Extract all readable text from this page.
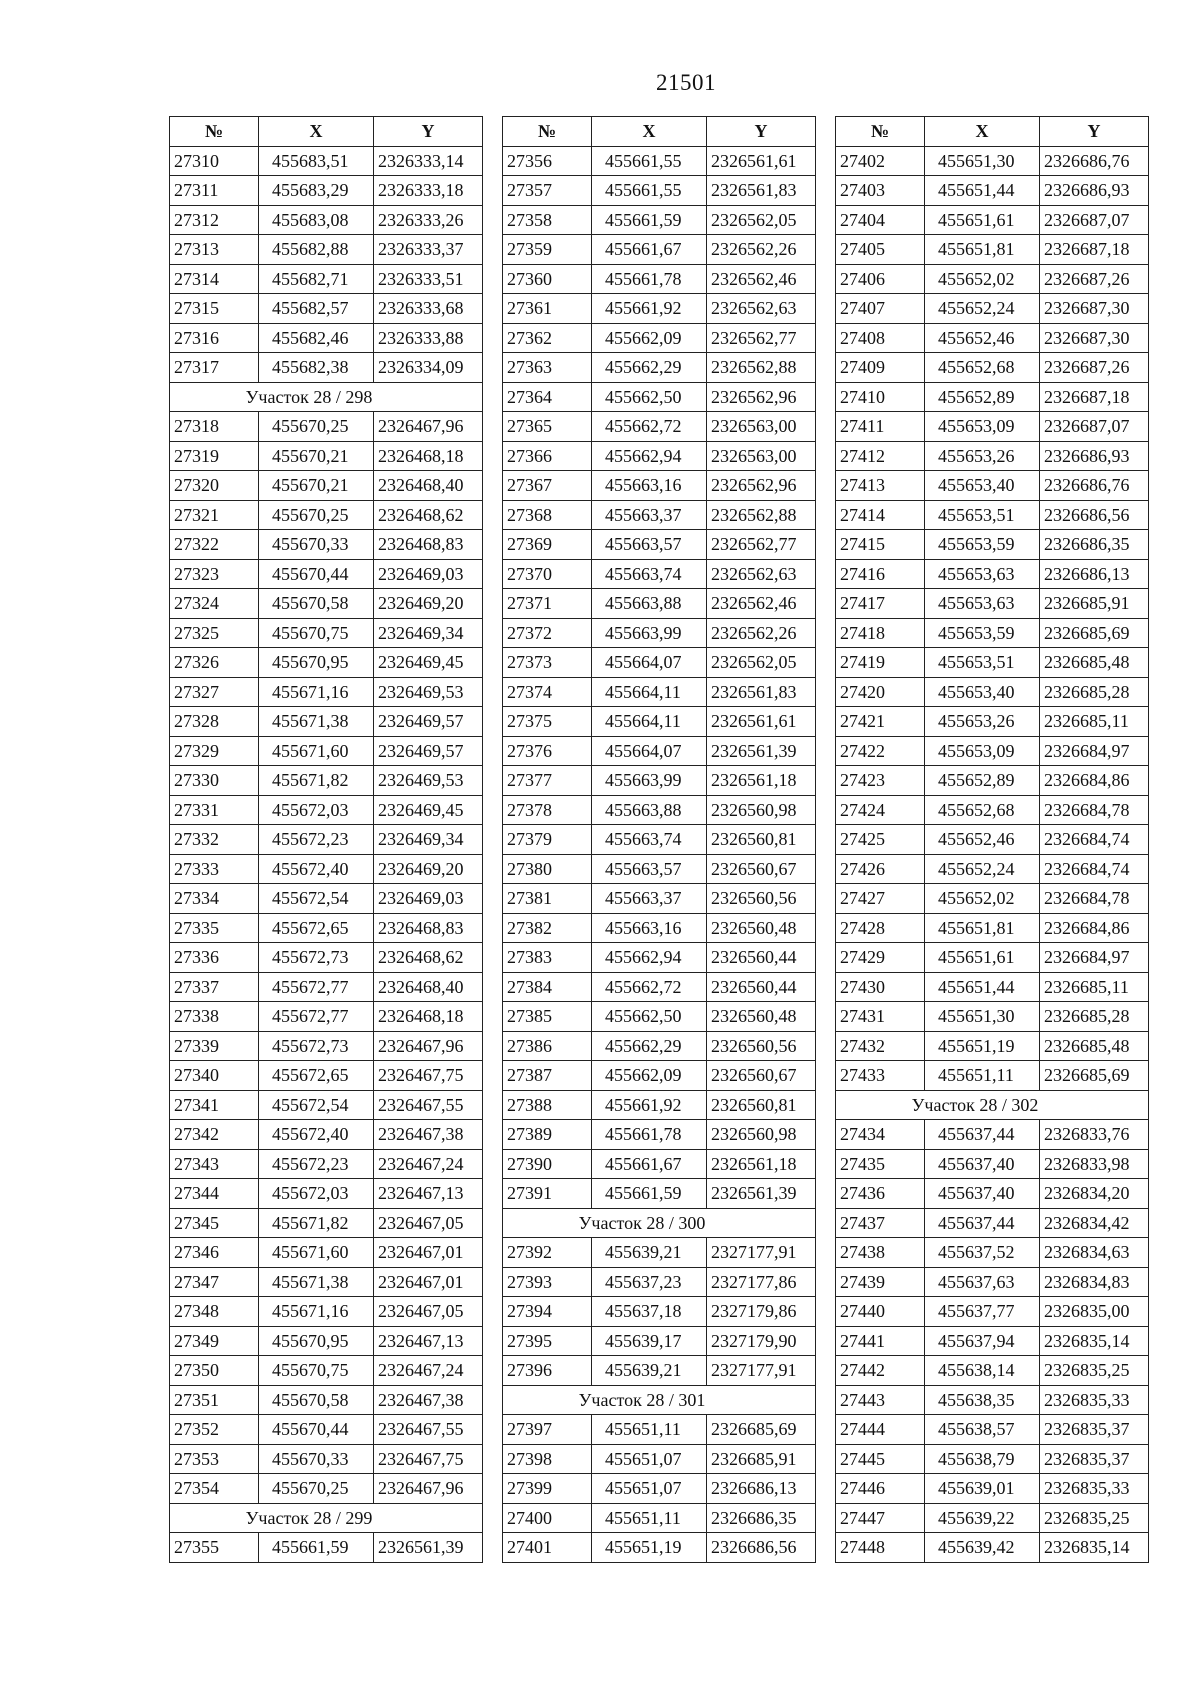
21501
№	X	Y
27310	455683,51	2326333,14
27311	455683,29	2326333,18
27312	455683,08	2326333,26
27313	455682,88	2326333,37
27314	455682,71	2326333,51
27315	455682,57	2326333,68
27316	455682,46	2326333,88
27317	455682,38	2326334,09
Участок 28 / 298		
27318	455670,25	2326467,96
27319	455670,21	2326468,18
27320	455670,21	2326468,40
27321	455670,25	2326468,62
27322	455670,33	2326468,83
27323	455670,44	2326469,03
27324	455670,58	2326469,20
27325	455670,75	2326469,34
27326	455670,95	2326469,45
27327	455671,16	2326469,53
27328	455671,38	2326469,57
27329	455671,60	2326469,57
27330	455671,82	2326469,53
27331	455672,03	2326469,45
27332	455672,23	2326469,34
27333	455672,40	2326469,20
27334	455672,54	2326469,03
27335	455672,65	2326468,83
27336	455672,73	2326468,62
27337	455672,77	2326468,40
27338	455672,77	2326468,18
27339	455672,73	2326467,96
27340	455672,65	2326467,75
27341	455672,54	2326467,55
27342	455672,40	2326467,38
27343	455672,23	2326467,24
27344	455672,03	2326467,13
27345	455671,82	2326467,05
27346	455671,60	2326467,01
27347	455671,38	2326467,01
27348	455671,16	2326467,05
27349	455670,95	2326467,13
27350	455670,75	2326467,24
27351	455670,58	2326467,38
27352	455670,44	2326467,55
27353	455670,33	2326467,75
27354	455670,25	2326467,96
Участок 28 / 299		
27355	455661,59	2326561,39
№	X	Y
27356	455661,55	2326561,61
27357	455661,55	2326561,83
27358	455661,59	2326562,05
27359	455661,67	2326562,26
27360	455661,78	2326562,46
27361	455661,92	2326562,63
27362	455662,09	2326562,77
27363	455662,29	2326562,88
27364	455662,50	2326562,96
27365	455662,72	2326563,00
27366	455662,94	2326563,00
27367	455663,16	2326562,96
27368	455663,37	2326562,88
27369	455663,57	2326562,77
27370	455663,74	2326562,63
27371	455663,88	2326562,46
27372	455663,99	2326562,26
27373	455664,07	2326562,05
27374	455664,11	2326561,83
27375	455664,11	2326561,61
27376	455664,07	2326561,39
27377	455663,99	2326561,18
27378	455663,88	2326560,98
27379	455663,74	2326560,81
27380	455663,57	2326560,67
27381	455663,37	2326560,56
27382	455663,16	2326560,48
27383	455662,94	2326560,44
27384	455662,72	2326560,44
27385	455662,50	2326560,48
27386	455662,29	2326560,56
27387	455662,09	2326560,67
27388	455661,92	2326560,81
27389	455661,78	2326560,98
27390	455661,67	2326561,18
27391	455661,59	2326561,39
Участок 28 / 300		
27392	455639,21	2327177,91
27393	455637,23	2327177,86
27394	455637,18	2327179,86
27395	455639,17	2327179,90
27396	455639,21	2327177,91
Участок 28 / 301		
27397	455651,11	2326685,69
27398	455651,07	2326685,91
27399	455651,07	2326686,13
27400	455651,11	2326686,35
27401	455651,19	2326686,56
№	X	Y
27402	455651,30	2326686,76
27403	455651,44	2326686,93
27404	455651,61	2326687,07
27405	455651,81	2326687,18
27406	455652,02	2326687,26
27407	455652,24	2326687,30
27408	455652,46	2326687,30
27409	455652,68	2326687,26
27410	455652,89	2326687,18
27411	455653,09	2326687,07
27412	455653,26	2326686,93
27413	455653,40	2326686,76
27414	455653,51	2326686,56
27415	455653,59	2326686,35
27416	455653,63	2326686,13
27417	455653,63	2326685,91
27418	455653,59	2326685,69
27419	455653,51	2326685,48
27420	455653,40	2326685,28
27421	455653,26	2326685,11
27422	455653,09	2326684,97
27423	455652,89	2326684,86
27424	455652,68	2326684,78
27425	455652,46	2326684,74
27426	455652,24	2326684,74
27427	455652,02	2326684,78
27428	455651,81	2326684,86
27429	455651,61	2326684,97
27430	455651,44	2326685,11
27431	455651,30	2326685,28
27432	455651,19	2326685,48
27433	455651,11	2326685,69
Участок 28 / 302		
27434	455637,44	2326833,76
27435	455637,40	2326833,98
27436	455637,40	2326834,20
27437	455637,44	2326834,42
27438	455637,52	2326834,63
27439	455637,63	2326834,83
27440	455637,77	2326835,00
27441	455637,94	2326835,14
27442	455638,14	2326835,25
27443	455638,35	2326835,33
27444	455638,57	2326835,37
27445	455638,79	2326835,37
27446	455639,01	2326835,33
27447	455639,22	2326835,25
27448	455639,42	2326835,14
